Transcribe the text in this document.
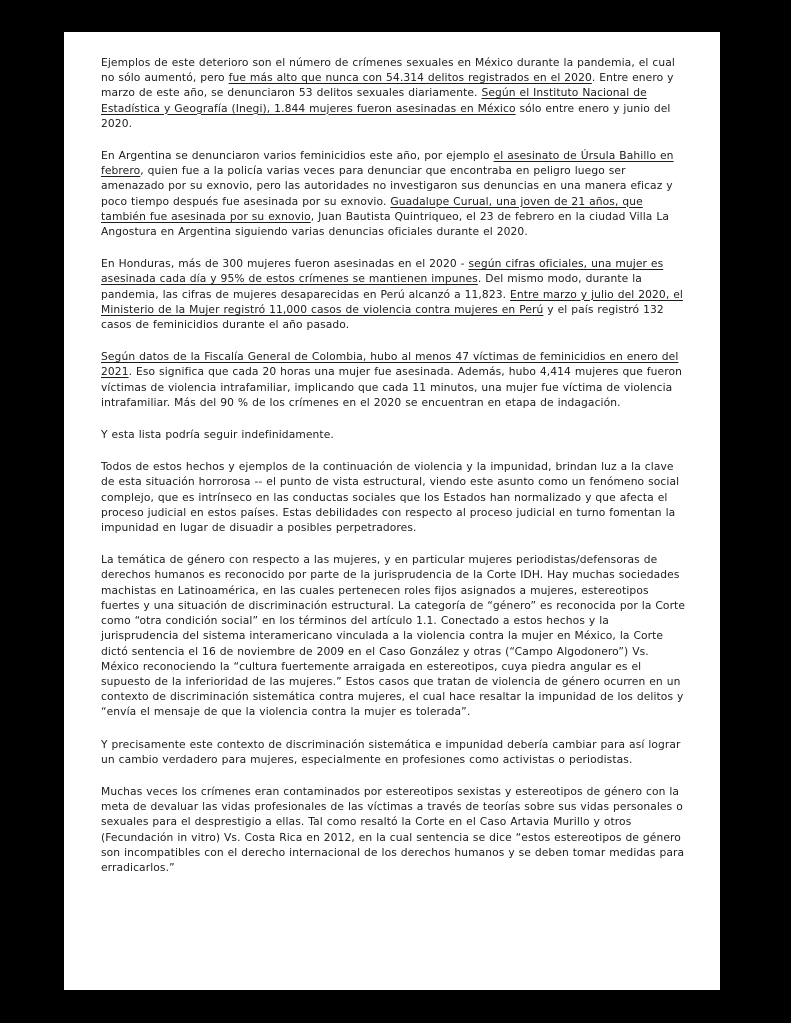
Ejemplos de este deterioro son el número de crímenes sexuales en México durante la pandemia, el cual no sólo aumentó, pero fue más alto que nunca con 54.314 delitos registrados en el 2020. Entre enero y marzo de este año, se denunciaron 53 delitos sexuales diariamente. Según el Instituto Nacional de Estadística y Geografía (Inegi), 1.844 mujeres fueron asesinadas en México sólo entre enero y junio del 2020.

En Argentina se denunciaron varios feminicidios este año, por ejemplo el asesinato de Úrsula Bahillo en febrero, quien fue a la policía varias veces para denunciar que encontraba en peligro luego ser amenazado por su exnovio, pero las autoridades no investigaron sus denuncias en una manera eficaz y poco tiempo después fue asesinada por su exnovio. Guadalupe Curual, una joven de 21 años, que también fue asesinada por su exnovio, Juan Bautista Quintriqueo, el 23 de febrero en la ciudad Villa La Angostura en Argentina siguiendo varias denuncias oficiales durante el 2020.

En Honduras, más de 300 mujeres fueron asesinadas en el 2020 - según cifras oficiales, una mujer es asesinada cada día y 95% de estos crímenes se mantienen impunes. Del mismo modo, durante la pandemia, las cifras de mujeres desaparecidas en Perú alcanzó a 11,823. Entre marzo y julio del 2020, el Ministerio de la Mujer registró 11,000 casos de violencia contra mujeres en Perú y el país registró 132 casos de feminicidios durante el año pasado.

Según datos de la Fiscalía General de Colombia, hubo al menos 47 víctimas de feminicidios en enero del 2021. Eso significa que cada 20 horas una mujer fue asesinada. Además, hubo 4,414 mujeres que fueron víctimas de violencia intrafamiliar, implicando que cada 11 minutos, una mujer fue víctima de violencia intrafamiliar. Más del 90 % de los crímenes en el 2020 se encuentran en etapa de indagación.

Y esta lista podría seguir indefinidamente.

Todos de estos hechos y ejemplos de la continuación de violencia y la impunidad, brindan luz a la clave de esta situación horrorosa -- el punto de vista estructural, viendo este asunto como un fenómeno social complejo, que es intrínseco en las conductas sociales que los Estados han normalizado y que afecta el proceso judicial en estos países. Estas debilidades con respecto al proceso judicial en turno fomentan la impunidad en lugar de disuadir a posibles perpetradores.

La temática de género con respecto a las mujeres, y en particular mujeres periodistas/defensoras de derechos humanos es reconocido por parte de la jurisprudencia de la Corte IDH. Hay muchas sociedades machistas en Latinoamérica, en las cuales pertenecen roles fijos asignados a mujeres, estereotipos fuertes y una situación de discriminación estructural. La categoría de “género” es reconocida por la Corte como “otra condición social” en los términos del artículo 1.1. Conectado a estos hechos y la jurisprudencia del sistema interamericano vinculada a la violencia contra la mujer en México, la Corte dictó sentencia el 16 de noviembre de 2009 en el Caso González y otras (“Campo Algodonero”) Vs. México reconociendo la “cultura fuertemente arraigada en estereotipos, cuya piedra angular es el supuesto de la inferioridad de las mujeres.” Estos casos que tratan de violencia de género ocurren en un contexto de discriminación sistemática contra mujeres, el cual hace resaltar la impunidad de los delitos y “envía el mensaje de que la violencia contra la mujer es tolerada”.

Y precisamente este contexto de discriminación sistemática e impunidad debería cambiar para así lograr un cambio verdadero para mujeres, especialmente en profesiones como activistas o periodistas.

Muchas veces los crímenes eran contaminados por estereotipos sexistas y estereotipos de género con la meta de devaluar las vidas profesionales de las víctimas a través de teorías sobre sus vidas personales o sexuales para el desprestigio a ellas. Tal como resaltó la Corte en el Caso Artavia Murillo y otros (Fecundación in vitro) Vs. Costa Rica en 2012, en la cual sentencia se dice “estos estereotipos de género son incompatibles con el derecho internacional de los derechos humanos y se deben tomar medidas para erradicarlos.”
